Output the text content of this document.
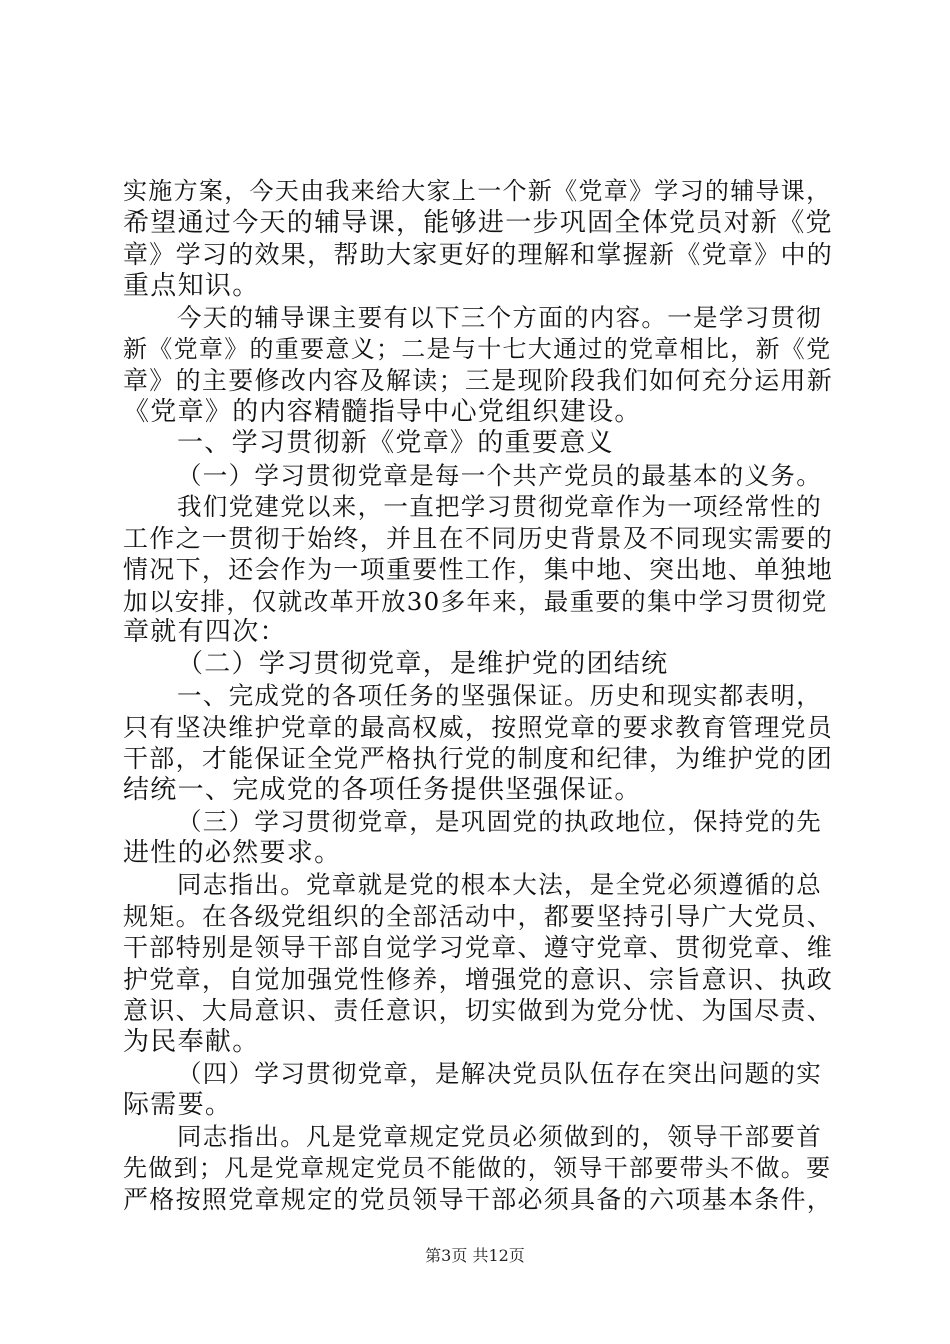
实施方案，今天由我来给大家上一个新《党章》学习的辅导课，
希望通过今天的辅导课，能够进一步巩固全体党员对新《党
章》学习的效果，帮助大家更好的理解和掌握新《党章》中的
重点知识。
今天的辅导课主要有以下三个方面的内容。一是学习贯彻
新《党章》的重要意义；二是与十七大通过的党章相比，新《党
章》的主要修改内容及解读；三是现阶段我们如何充分运用新
《党章》的内容精髓指导中心党组织建设。
一、学习贯彻新《党章》的重要意义
（一）学习贯彻党章是每一个共产党员的最基本的义务。
我们党建党以来，一直把学习贯彻党章作为一项经常性的
工作之一贯彻于始终，并且在不同历史背景及不同现实需要的
情况下，还会作为一项重要性工作，集中地、突出地、单独地
加以安排，仅就改革开放30多年来，最重要的集中学习贯彻党
章就有四次：
（二）学习贯彻党章，是维护党的团结统
一、完成党的各项任务的坚强保证。历史和现实都表明，
只有坚决维护党章的最高权威，按照党章的要求教育管理党员
干部，才能保证全党严格执行党的制度和纪律，为维护党的团
结统一、完成党的各项任务提供坚强保证。
（三）学习贯彻党章，是巩固党的执政地位，保持党的先
进性的必然要求。
同志指出。党章就是党的根本大法，是全党必须遵循的总
规矩。在各级党组织的全部活动中，都要坚持引导广大党员、
干部特别是领导干部自觉学习党章、遵守党章、贯彻党章、维
护党章，自觉加强党性修养，增强党的意识、宗旨意识、执政
意识、大局意识、责任意识，切实做到为党分忧、为国尽责、
为民奉献。
（四）学习贯彻党章，是解决党员队伍存在突出问题的实
际需要。
同志指出。凡是党章规定党员必须做到的，领导干部要首
先做到；凡是党章规定党员不能做的，领导干部要带头不做。要
严格按照党章规定的党员领导干部必须具备的六项基本条件，
第3页 共12页
